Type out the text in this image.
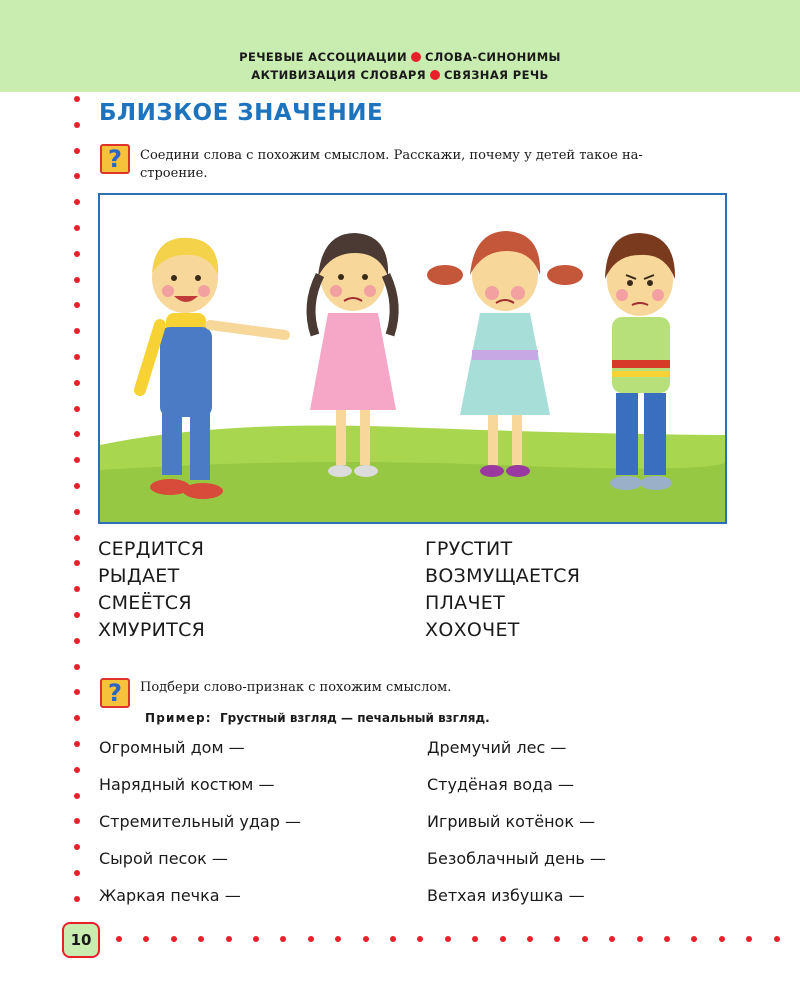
РЕЧЕВЫЕ АССОЦИАЦИИ СЛОВА-СИНОНИМЫ
АКТИВИЗАЦИЯ СЛОВАРЯ СВЯЗНАЯ РЕЧЬ
БЛИЗКОЕ ЗНАЧЕНИЕ
?	Соедини слова с похожим смыслом. Расскажи, почему у детей такое на-

строение.

СЕРДИТСЯ

РЫДАЕТ

СМЕЁТСЯ

ХМУРИТСЯ

ГРУСТИТ

ВОЗМУЩАЕТСЯ

ПЛАЧЕТ

ХОХОЧЕТ

?	Подбери слово-признак с похожим смыслом.

Пример: Грустный взгляд — печальный взгляд.

Огромный дом —

Нарядный костюм —

Стремительный удар —

Сырой песок —

Жаркая печка —

Дремучий лес —

Студёная вода —

Игривый котёнок —

Безоблачный день —

Ветхая избушка —

10
